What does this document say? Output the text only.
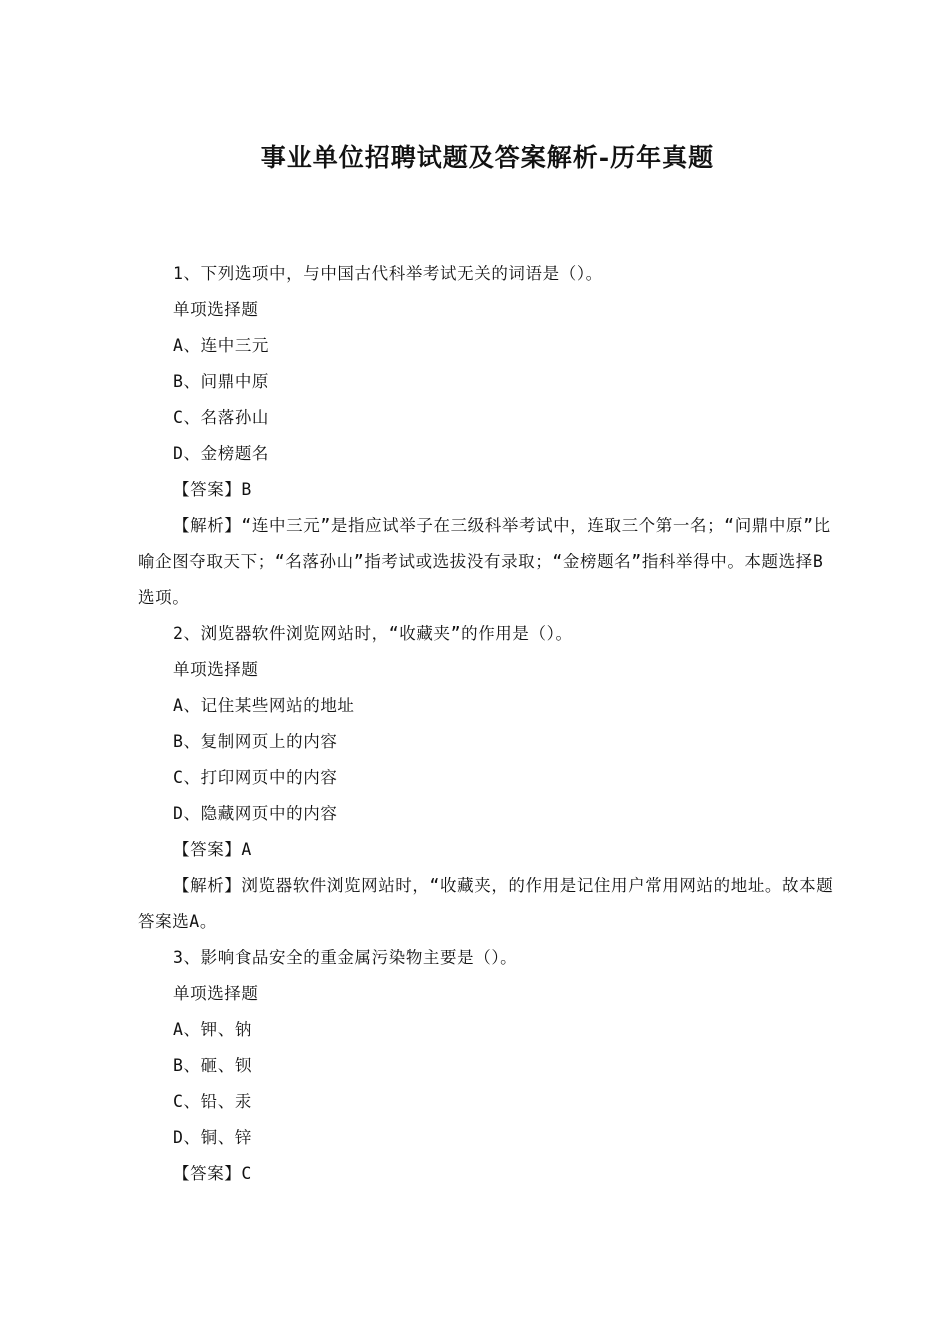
事业单位招聘试题及答案解析-历年真题
1、下列选项中，与中国古代科举考试无关的词语是（）。
单项选择题
A、连中三元
B、问鼎中原
C、名落孙山
D、金榜题名
【答案】B
【解析】“连中三元”是指应试举子在三级科举考试中，连取三个第一名；“问鼎中原”比喻企图夺取天下；“名落孙山”指考试或选拔没有录取；“金榜题名”指科举得中。本题选择B选项。
2、浏览器软件浏览网站时，“收藏夹”的作用是（）。
单项选择题
A、记住某些网站的地址
B、复制网页上的内容
C、打印网页中的内容
D、隐藏网页中的内容
【答案】A
【解析】浏览器软件浏览网站时，“收藏夹，的作用是记住用户常用网站的地址。故本题答案选A。
3、影响食品安全的重金属污染物主要是（）。
单项选择题
A、钾、钠
B、砸、钡
C、铅、汞
D、铜、锌
【答案】C
